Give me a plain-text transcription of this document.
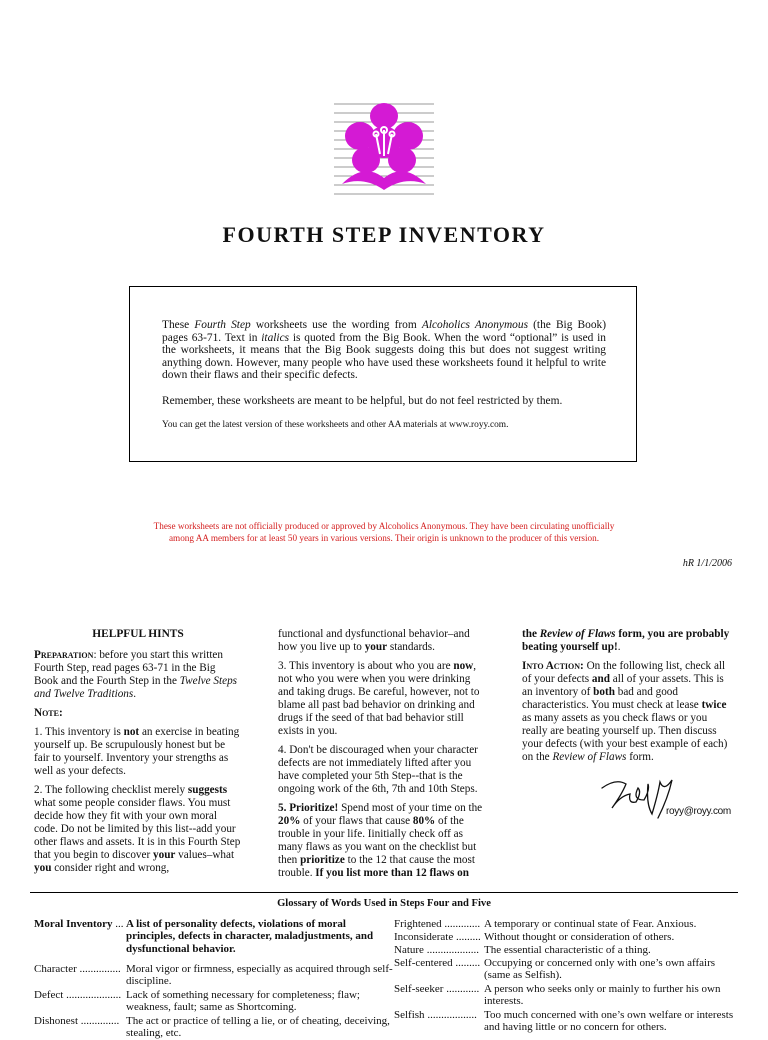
FOURTH STEP INVENTORY

These Fourth Step worksheets use the wording from Alcoholics Anonymous (the Big Book) pages 63-71. Text in italics is quoted from the Big Book. When the word “optional” is used in the worksheets, it means that the Big Book suggests doing this but does not suggest writing anything down. However, many people who have used these worksheets found it helpful to write down their flaws and their specific defects.

Remember, these worksheets are meant to be helpful, but do not feel restricted by them.

You can get the latest version of these worksheets and other AA materials at www.royy.com.

These worksheets are not officially produced or approved by Alcoholics Anonymous. They have been circulating unofficially
among AA members for at least 50 years in various versions. Their origin is unknown to the producer of this version.
hR 1/1/2006

HELPFUL HINTS

Preparation: before you start this written Fourth Step, read pages 63-71 in the Big Book and the Fourth Step in the Twelve Steps and Twelve Traditions.

Note:

1. This inventory is not an exercise in beating yourself up. Be scrupulously honest but be fair to yourself. Inventory your strengths as well as your defects.

2. The following checklist merely suggests what some people consider flaws. You must decide how they fit with your own moral code. Do not be limited by this list--add your other flaws and assets. It is in this Fourth Step that you begin to discover your values–what you consider right and wrong,

functional and dysfunctional behavior–and how you live up to your standards.

3. This inventory is about who you are now, not who you were when you were drinking and taking drugs. Be careful, however, not to blame all past bad behavior on drinking and drugs if the seed of that bad behavior still exists in you.

4. Don't be discouraged when your character defects are not immediately lifted after you have completed your 5th Step--that is the ongoing work of the 6th, 7th and 10th Steps.

5. Prioritize! Spend most of your time on the 20% of your flaws that cause 80% of the trouble in your life. Iinitially check off as many flaws as you want on the checklist but then prioritize to the 12 that cause the most trouble. If you list more than 12 flaws on

the Review of Flaws form, you are probably beating yourself up!.

Into Action: On the following list, check all of your defects and all of your assets. This is an inventory of both bad and good characteristics. You must check at lease twice as many assets as you check flaws or you really are beating yourself up. Then discuss your defects (with your best example of each) on the Review of Flaws form.

royy@royy.com
Glossary of Words Used in Steps Four and Five
Moral Inventory ... A list of personality defects, violations of moral principles, defects in character, maladjustments, and dysfunctional behavior.
Character ............... Moral vigor or firmness, especially as acquired through self-discipline.
Defect .................... Lack of something necessary for completeness; flaw; weakness, fault; same as Shortcoming.
Dishonest .............. The act or practice of telling a lie, or of cheating, deceiving, stealing, etc.
Frightened ............. A temporary or continual state of Fear. Anxious.
Inconsiderate ......... Without thought or consideration of others.
Nature ................... The essential characteristic of a thing.
Self-centered ......... Occupying or concerned only with one’s own affairs (same as Selfish).
Self-seeker ............ A person who seeks only or mainly to further his own interests.
Selfish .................. Too much concerned with one’s own welfare or interests and having little or no concern for others.
